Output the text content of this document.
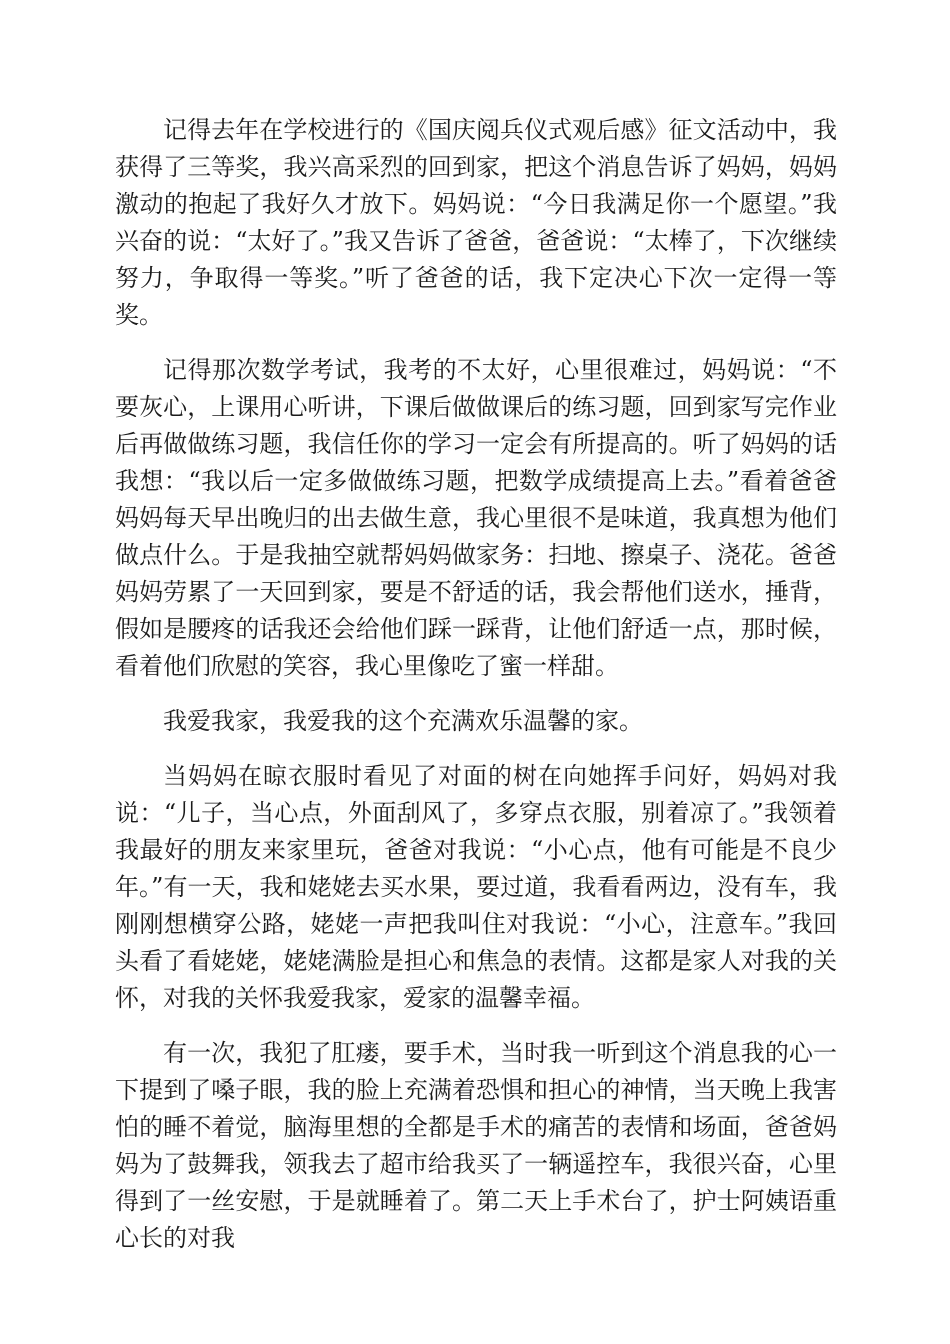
记得去年在学校进行的《国庆阅兵仪式观后感》征文活动中，我获得了三等奖，我兴高采烈的回到家，把这个消息告诉了妈妈，妈妈激动的抱起了我好久才放下。妈妈说：“今日我满足你一个愿望。”我兴奋的说：“太好了。”我又告诉了爸爸，爸爸说：“太棒了，下次继续努力，争取得一等奖。”听了爸爸的话，我下定决心下次一定得一等奖。

记得那次数学考试，我考的不太好，心里很难过，妈妈说：“不要灰心，上课用心听讲，下课后做做课后的练习题，回到家写完作业后再做做练习题，我信任你的学习一定会有所提高的。听了妈妈的话我想：“我以后一定多做做练习题，把数学成绩提高上去。”看着爸爸妈妈每天早出晚归的出去做生意，我心里很不是味道，我真想为他们做点什么。于是我抽空就帮妈妈做家务：扫地、擦桌子、浇花。爸爸妈妈劳累了一天回到家，要是不舒适的话，我会帮他们送水，捶背，假如是腰疼的话我还会给他们踩一踩背，让他们舒适一点，那时候，看着他们欣慰的笑容，我心里像吃了蜜一样甜。

我爱我家，我爱我的这个充满欢乐温馨的家。

当妈妈在晾衣服时看见了对面的树在向她挥手问好，妈妈对我说：“儿子，当心点，外面刮风了，多穿点衣服，别着凉了。”我领着我最好的朋友来家里玩，爸爸对我说：“小心点，他有可能是不良少年。”有一天，我和姥姥去买水果，要过道，我看看两边，没有车，我刚刚想横穿公路，姥姥一声把我叫住对我说：“小心，注意车。”我回头看了看姥姥，姥姥满脸是担心和焦急的表情。这都是家人对我的关怀，对我的关怀我爱我家，爱家的温馨幸福。

有一次，我犯了肛瘘，要手术，当时我一听到这个消息我的心一下提到了嗓子眼，我的脸上充满着恐惧和担心的神情，当天晚上我害怕的睡不着觉，脑海里想的全都是手术的痛苦的表情和场面，爸爸妈妈为了鼓舞我，领我去了超市给我买了一辆遥控车，我很兴奋，心里得到了一丝安慰，于是就睡着了。第二天上手术台了，护士阿姨语重心长的对我
